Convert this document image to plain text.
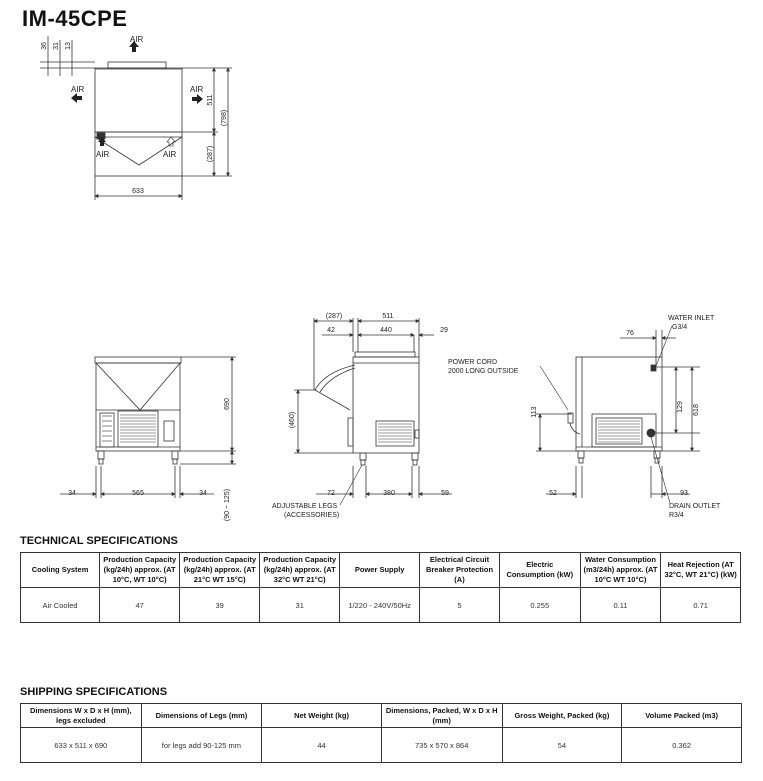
IM-45CPE
36 31 13
AIR
AIR	AIR
AIR	AIR
511
(798)
(287)
633
690
(90 ~ 125)
34	565	34
(287)	511
42	440	29
(460)
72	380	59
ADJUSTABLE LEGS
(ACCESSORIES)
WATER INLET
G3/4
76
POWER CORD
2000 LONG OUTSIDE
113	129 618
52	93
DRAIN OUTLET
R3/4
TECHNICAL SPECIFICATIONS
Cooling System	Production Capacity (kg/24h) approx. (AT 10°C, WT 10°C)	Production Capacity (kg/24h) approx. (AT 21°C WT 15°C)	Production Capacity (kg/24h) approx. (AT 32°C WT 21°C)	Power Supply	Electrical Circuit Breaker Protection (A)	Electric Consumption (kW)	Water Consumption (m3/24h) approx. (AT 10°C WT 10°C)	Heat Rejection (AT 32°C, WT 21°C) (kW)
Air Cooled	47	39	31	1/220 - 240V/50Hz	5	0.255	0.11	0.71
SHIPPING SPECIFICATIONS
Dimensions W x D x H (mm), legs excluded	Dimensions of Legs (mm)	Net Weight (kg)	Dimensions, Packed, W x D x H (mm)	Gross Weight, Packed (kg)	Volume Packed (m3)
633 x 511 x 690	for legs add 90-125 mm	44	735 x 570 x 864	54	0.362
